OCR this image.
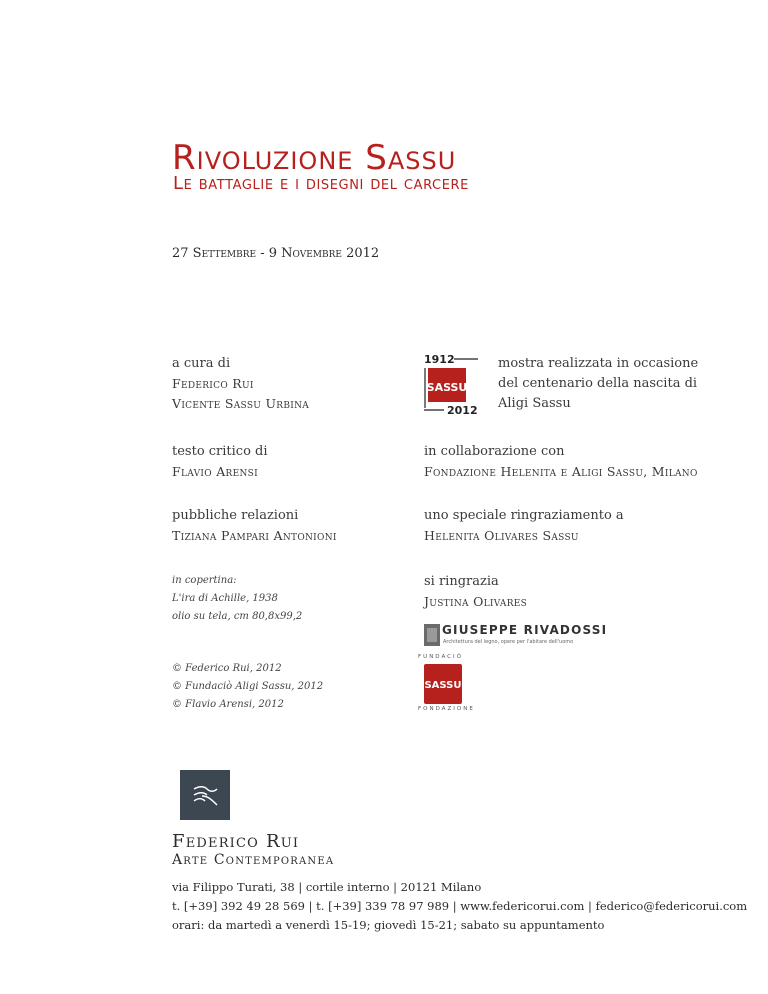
Rivoluzione Sassu
Le battaglie e i disegni del carcere
27 Settembre - 9 Novembre 2012
a cura di
Federico Rui
Vicente Sassu Urbina
testo critico di
Flavio Arensi
pubbliche relazioni
Tiziana Pampari Antonioni
in copertina:
L'ira di Achille, 1938
olio su tela, cm 80,8x99,2
© Federico Rui, 2012
© Fundaciò Aligi Sassu, 2012
© Flavio Arensi, 2012
1912
SASSU
2012
mostra realizzata in occasione
del centenario della nascita di
Aligi Sassu
in collaborazione con
Fondazione Helenita e Aligi Sassu, Milano
uno speciale ringraziamento a
Helenita Olivares Sassu
si ringrazia
Justina Olivares
GIUSEPPE RIVADOSSI
Architettura del legno, opere per l'abitare dell'uomo
FUNDACIÒ
SASSU
FONDAZIONE
Federico Rui
Arte Contemporanea
via Filippo Turati, 38 | cortile interno | 20121 Milano
t. [+39] 392 49 28 569 | t. [+39] 339 78 97 989 | www.federicorui.com | federico@federicorui.com
orari: da martedì a venerdì 15-19; giovedì 15-21; sabato su appuntamento
